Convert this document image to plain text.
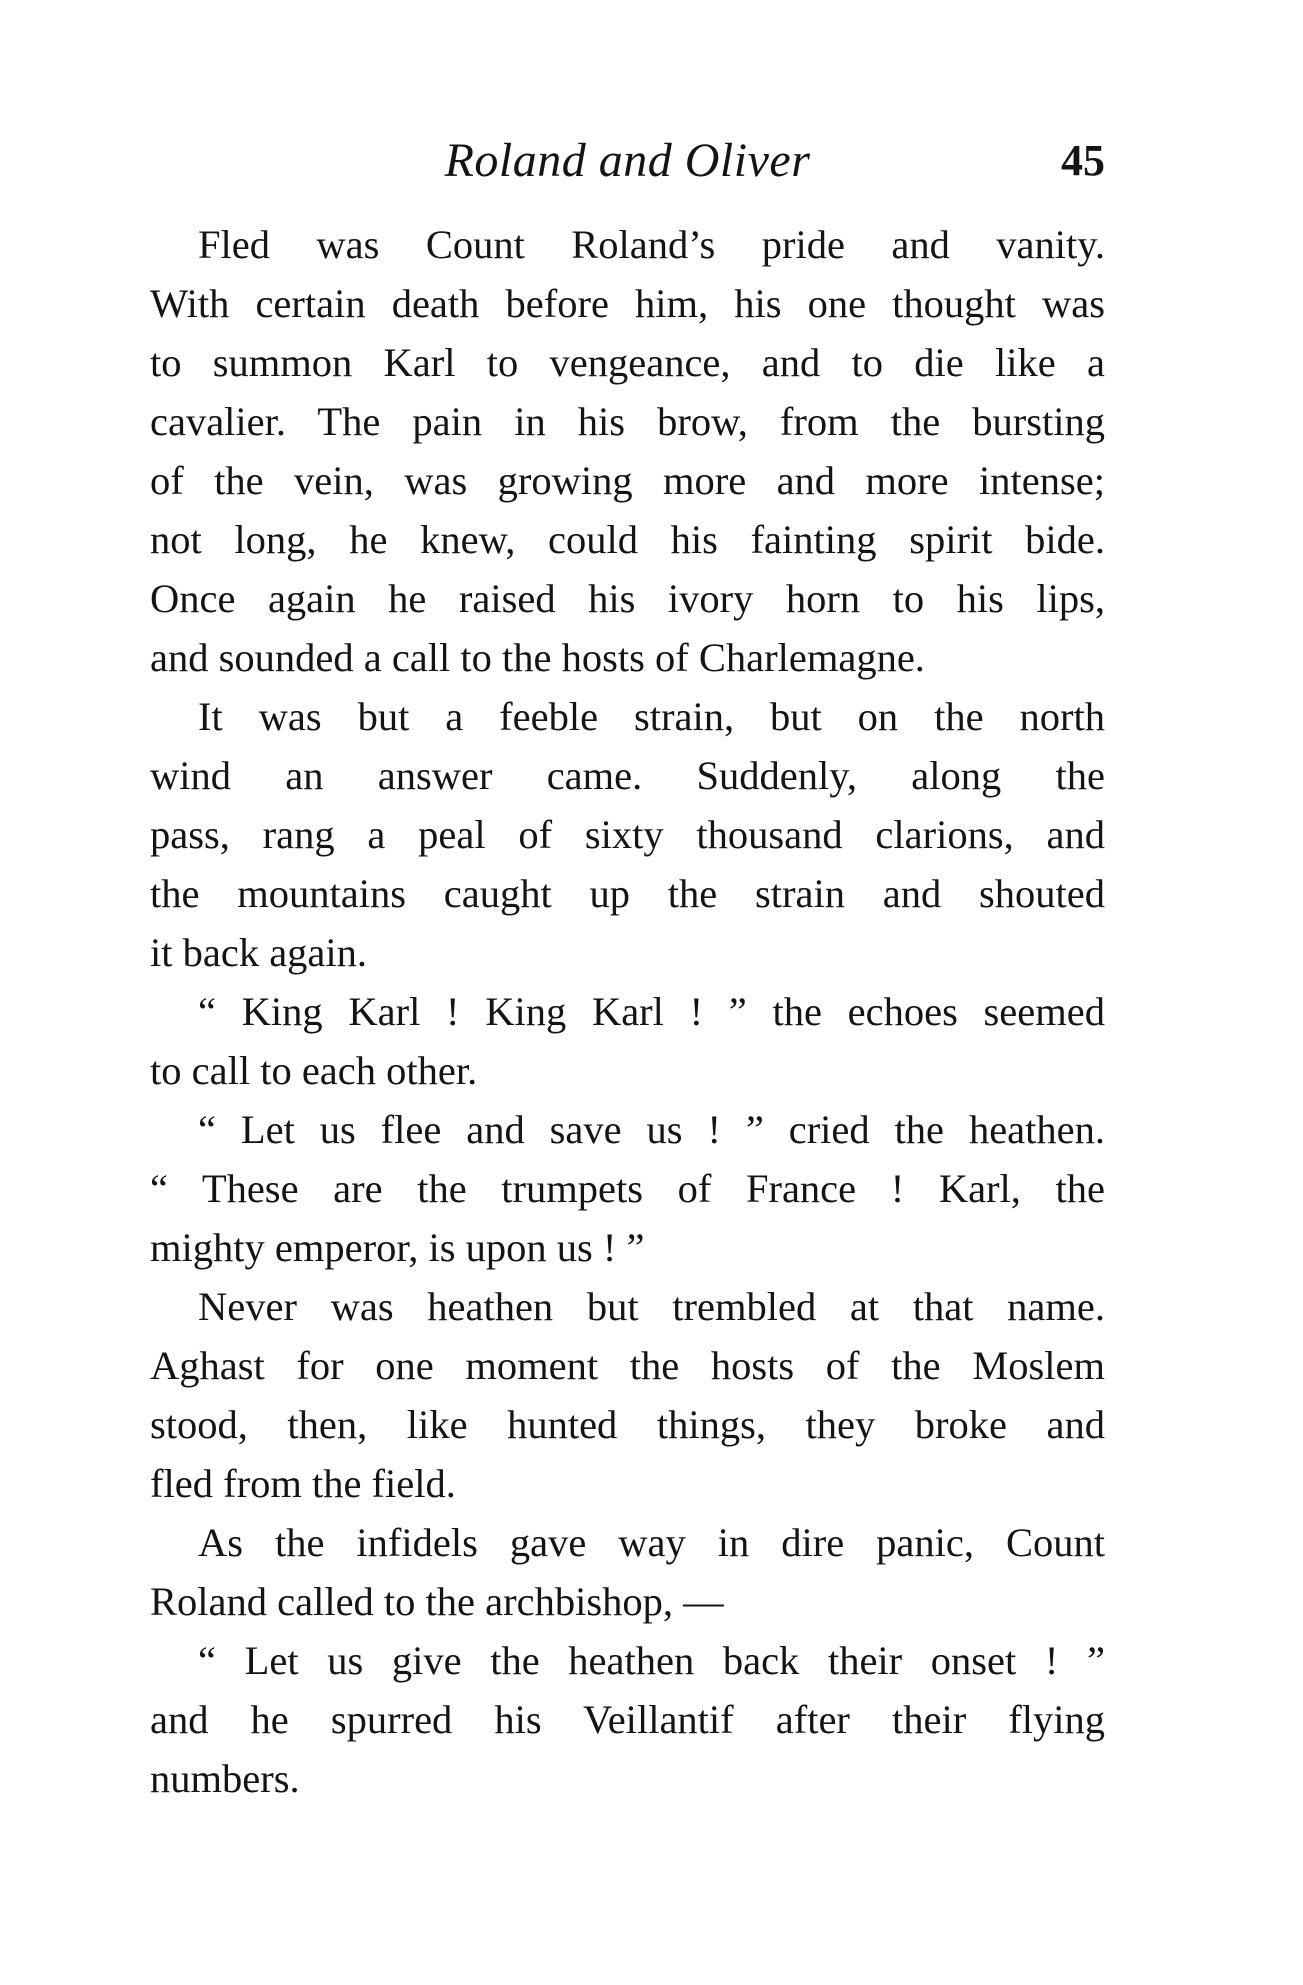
Roland and Oliver	45
Fled was Count Roland’s pride and vanity.
With certain death before him, his one thought was
to summon Karl to vengeance, and to die like a
cavalier. The pain in his brow, from the bursting
of the vein, was growing more and more intense;
not long, he knew, could his fainting spirit bide.
Once again he raised his ivory horn to his lips,
and sounded a call to the hosts of Charlemagne.
It was but a feeble strain, but on the north
wind an answer came. Suddenly, along the
pass, rang a peal of sixty thousand clarions, and
the mountains caught up the strain and shouted
it back again.
“ King Karl ! King Karl ! ” the echoes seemed
to call to each other.
“ Let us flee and save us ! ” cried the heathen.
“ These are the trumpets of France ! Karl, the
mighty emperor, is upon us ! ”
Never was heathen but trembled at that name.
Aghast for one moment the hosts of the Moslem
stood, then, like hunted things, they broke and
fled from the field.
As the infidels gave way in dire panic, Count
Roland called to the archbishop, —
“ Let us give the heathen back their onset ! ”
and he spurred his Veillantif after their flying
numbers.
